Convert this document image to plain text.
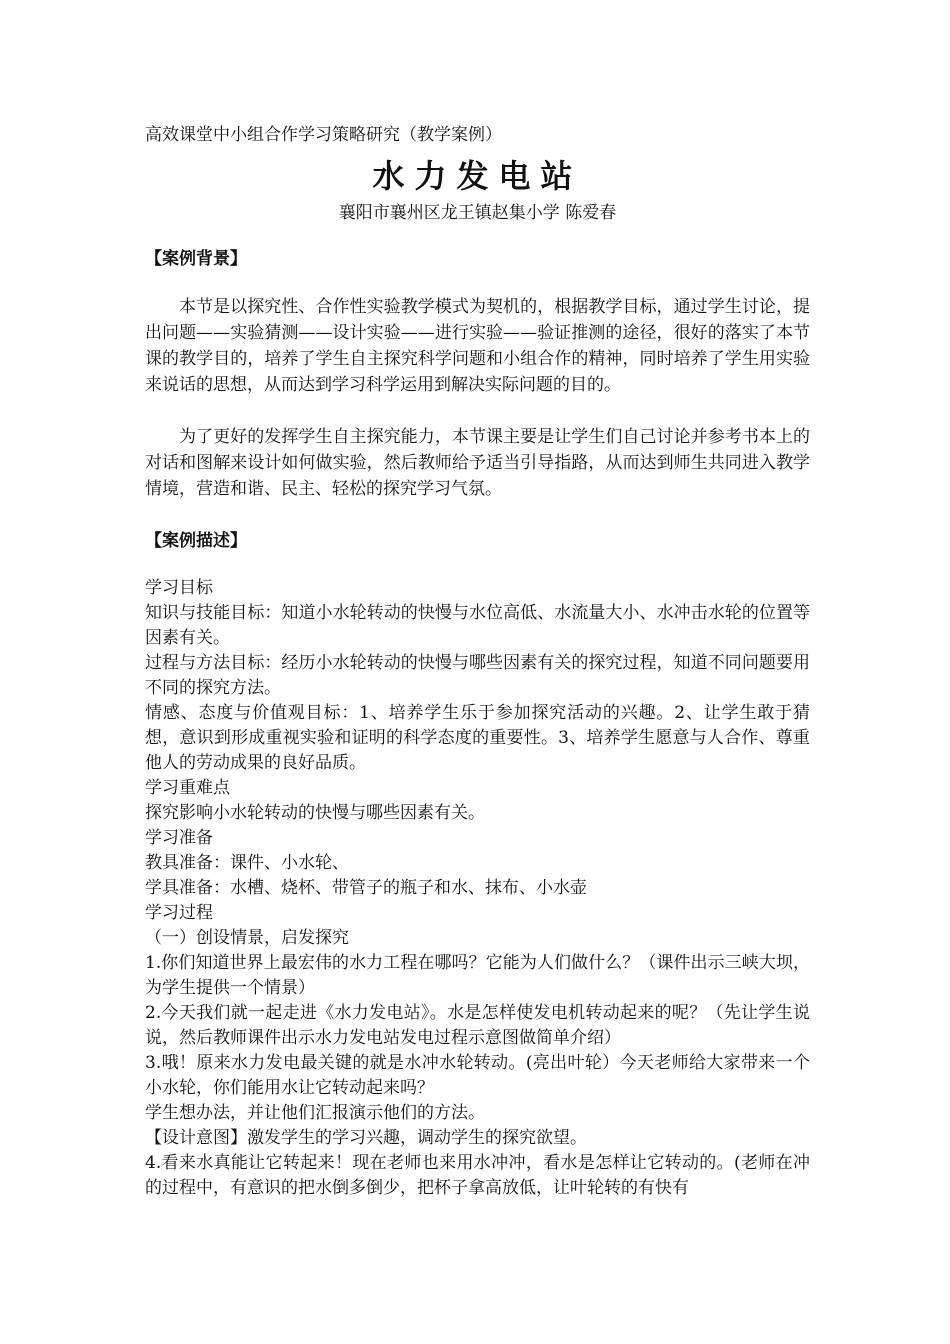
高效课堂中小组合作学习策略研究（教学案例）

水力发电站

襄阳市襄州区龙王镇赵集小学 陈爱春

【案例背景】

本节是以探究性、合作性实验教学模式为契机的，根据教学目标，通过学生讨论，提出问题——实验猜测——设计实验——进行实验——验证推测的途径，很好的落实了本节课的教学目的，培养了学生自主探究科学问题和小组合作的精神，同时培养了学生用实验来说话的思想，从而达到学习科学运用到解决实际问题的目的。

为了更好的发挥学生自主探究能力，本节课主要是让学生们自己讨论并参考书本上的对话和图解来设计如何做实验，然后教师给予适当引导指路，从而达到师生共同进入教学情境，营造和谐、民主、轻松的探究学习气氛。

【案例描述】

学习目标

知识与技能目标：知道小水轮转动的快慢与水位高低、水流量大小、水冲击水轮的位置等因素有关。

过程与方法目标：经历小水轮转动的快慢与哪些因素有关的探究过程，知道不同问题要用不同的探究方法。

情感、态度与价值观目标：1、培养学生乐于参加探究活动的兴趣。2、让学生敢于猜想，意识到形成重视实验和证明的科学态度的重要性。3、培养学生愿意与人合作、尊重他人的劳动成果的良好品质。

学习重难点

探究影响小水轮转动的快慢与哪些因素有关。

学习准备

教具准备：课件、小水轮、

学具准备：水槽、烧杯、带管子的瓶子和水、抹布、小水壶

学习过程

（一）创设情景，启发探究

1.你们知道世界上最宏伟的水力工程在哪吗？它能为人们做什么？（课件出示三峡大坝，为学生提供一个情景）

2.今天我们就一起走进《水力发电站》。水是怎样使发电机转动起来的呢？（先让学生说说，然后教师课件出示水力发电站发电过程示意图做简单介绍）

3.哦！原来水力发电最关键的就是水冲水轮转动。(亮出叶轮）今天老师给大家带来一个小水轮，你们能用水让它转动起来吗？

学生想办法，并让他们汇报演示他们的方法。

【设计意图】激发学生的学习兴趣，调动学生的探究欲望。

4.看来水真能让它转起来！现在老师也来用水冲冲，看水是怎样让它转动的。(老师在冲的过程中，有意识的把水倒多倒少，把杯子拿高放低，让叶轮转的有快有
